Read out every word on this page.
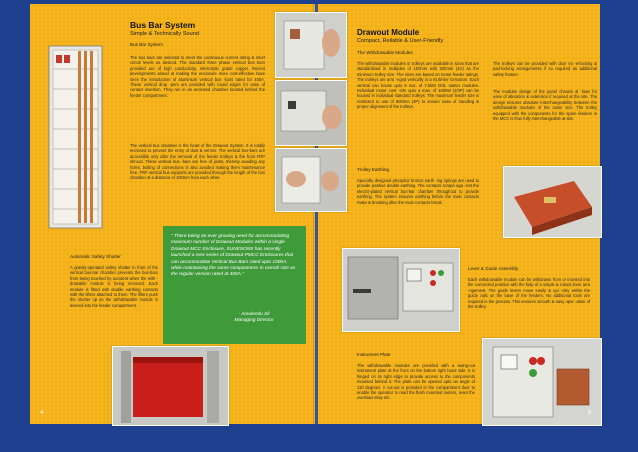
Bus Bar System
Simple & Technically Sound
Bus Bar System
The bus bars are selected to meet the continuous current rating & short circuit levels as desired. The standard three phase vertical bus bars provided are of high conductivity, electrolytic grade copper. Recent developments aimed at making the enclosure more cost-effective have seen the introduction of aluminium vertical bus -bars rated for 400A. These vertical drop -pers are provided with round edges for ease of contact insertion. They run in an enclosed chamber located behind the feeder compartment.
The vertical bus chamber is the heart of the Drawout System. It is totally enclosed to prevent the entry of dust & vermin. The vertical bus-bars are accessible only after the removal of the feeder trolleys & the front FRP shroud. These vertical bus -bars are free of joints, thereby avoiding any holes, bolting of connections is also avoided making them maintenance free. FRP vertical bus supports are provided through the length of the bus chamber at a distance of 100mm from each other.
Automatic Safety Shutter
A gravity-operated safety shutter in front of the vertical bus-bar chamber prevents the bus-bars from being touched by accident when the with -drawable module is being removed. Each module is fitted with double earthing contacts with the lifters attached to them. The lifters push the shutter up as the withdrawable module is levered into the feeder compartment.
" There being an ever growing need for accommodating maximum number of Drawout Modules within a single Drawout MCC Enclosure, SUNESONS has recently launched a new series of Drawout PMCC Enclosures that can accommodate Vertical Bus Bars rated upto 1000A, while maintaining the same compactness in overall size as the regular version rated at 400A."
- Amolendu Sil
Managing Director
4
Drawout Module
Compact, Reliable & User-Friendly
The Withdrawable Modules
The withdrawable modules or trolleys are available in sizes that are standardised in multiples of 100mm with 200mm (4U) as the minimum trolley size. The sizes are based on motor feeder ratings. The trolleys are arra -nged vertically in a multi-tier formation. Each vertical can house upto 9 nos. of 7.5kW DOL starter modules. Individual motor cont -rols upto a max. of 160kW (2/3P) can be housed in individual standard trolleys. The maximum feeder size is restricted to use of 900mm (4P) to ensure ease of handling & proper alignment of the trolleys.
The trolleys can be provided with door int -erlocking & pad-locking arrangements if so required as additional safety feature.
The modular design of the panel chassis al -lows for ease of alteration & extension if required at the site. The design ensures absolute interchangeability between the withdrawable modules of the same size. The trolley equipped with the components for the spare feeders in the MCC is thus fully interchangeable at site.
Trolley Earthing
Specially designed phosphor bronze earth -ing springs are used to provide positive double earthing. The contacts scrape aga -inst the electro-plated vertical bus-bar chamber throughout to provide earthing. The system ensures earthing before the main contacts make & breaking after the main contacts break.
Lever & Guide Assembly
Each withdrawable module can be withdrawn from or inserted into the connected position with the help of a simple & robust lever arra -ngement. The guide levers move easily & qui -ckly within the guide rails on the base of the feeders. No additional tools are required in the process. This ensures smooth & easy oper -ation of the trolley.
Instrument Plate
The withdrawable modules are provided with a swing-out instrument plate at the front on the bottom right hand side. It is hinged on its right edge to provide access to the components mounted behind it. The plate can be opened upto an angle of 110 degrees. A cut-out is provided in the compartment door to enable the operator to read the flush mounted meters, reset the overload relay etc.
5
